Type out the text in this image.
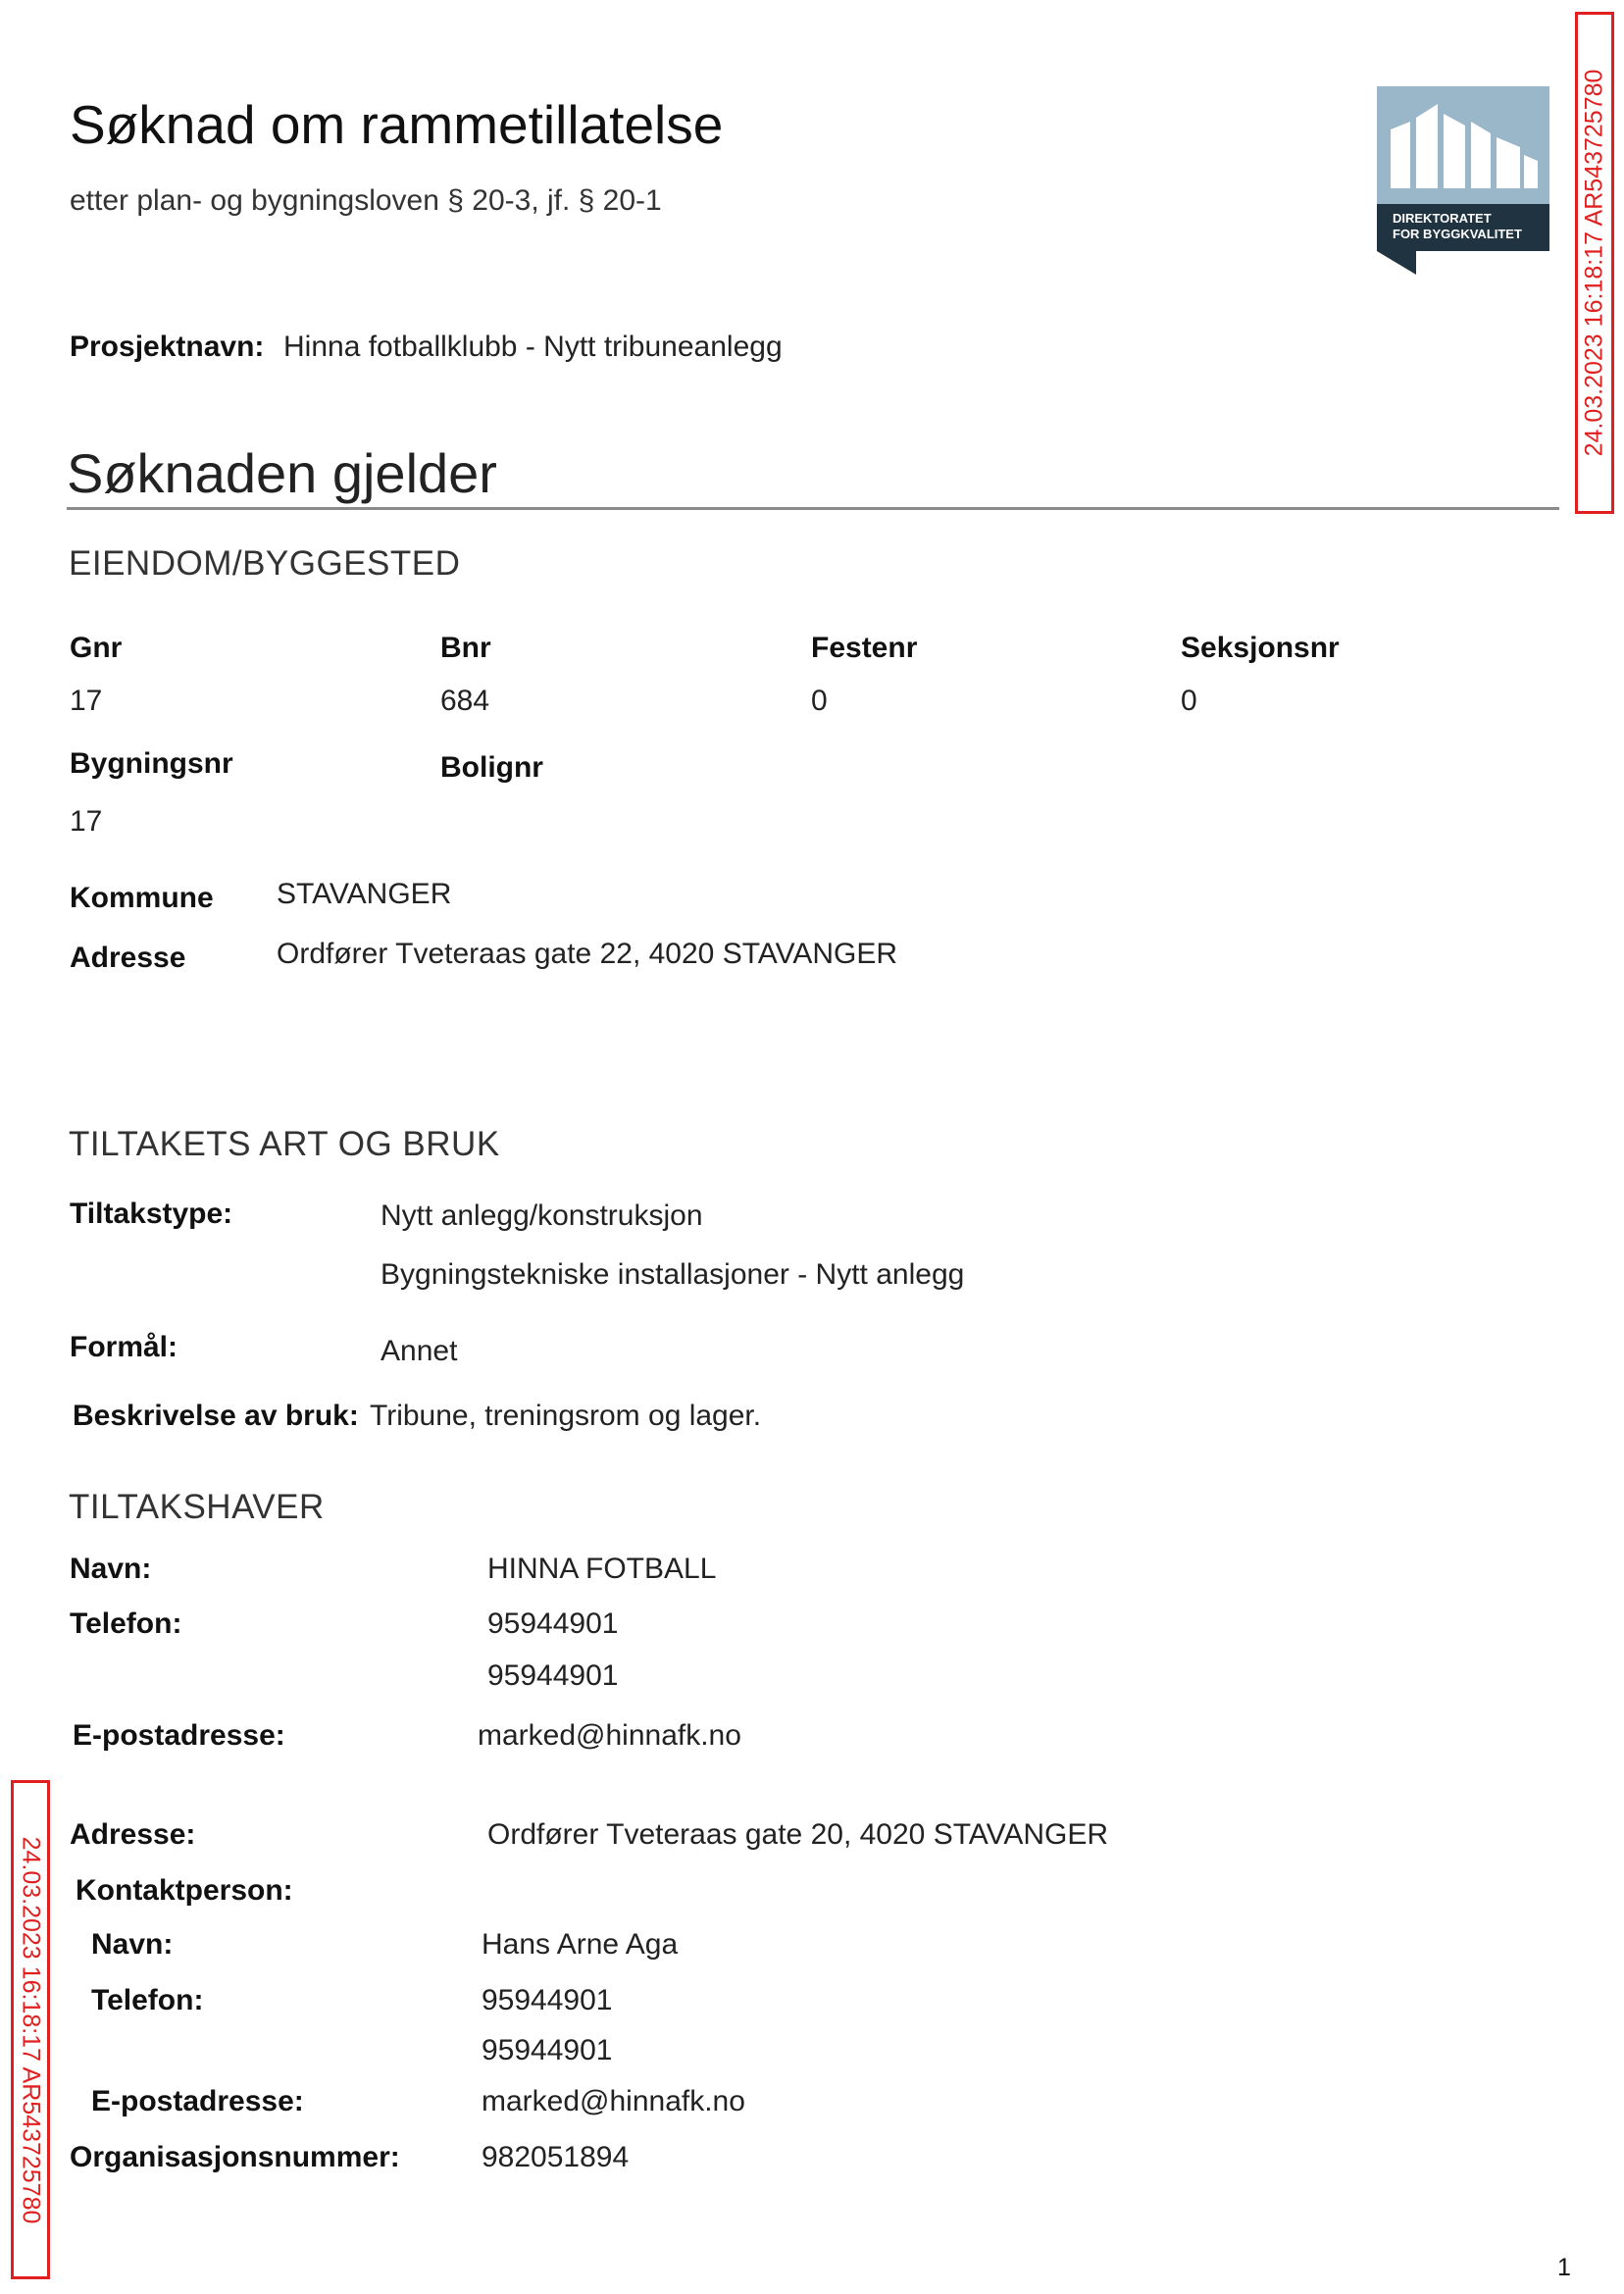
Søknad om rammetillatelse
etter plan- og bygningsloven § 20-3, jf. § 20-1
DIREKTORATET
FOR BYGGKVALITET 24.03.2023 16:18:17 AR543725780
24.03.2023 16:18:17 AR543725780
Prosjektnavn: Hinna fotballklubb - Nytt tribuneanlegg
Søknaden gjelder
EIENDOM/BYGGESTED
Gnr	Bnr	Festenr	Seksjonsnr
17	684	0	0
Bygningsnr	Bolignr
17
Kommune STAVANGER
Adresse	Ordfører Tveteraas gate 22, 4020 STAVANGER
TILTAKETS ART OG BRUK
Tiltakstype:	Nytt anlegg/konstruksjon
Bygningstekniske installasjoner - Nytt anlegg
Formål:	Annet
Beskrivelse av bruk: Tribune, treningsrom og lager.
TILTAKSHAVER
Navn:	HINNA FOTBALL
Telefon:	95944901
95944901
E-postadresse:	marked@hinnafk.no
Adresse:	Ordfører Tveteraas gate 20, 4020 STAVANGER
Kontaktperson:
Navn:	Hans Arne Aga
Telefon:	95944901
95944901
E-postadresse:	marked@hinnafk.no
Organisasjonsnummer:	982051894
1
